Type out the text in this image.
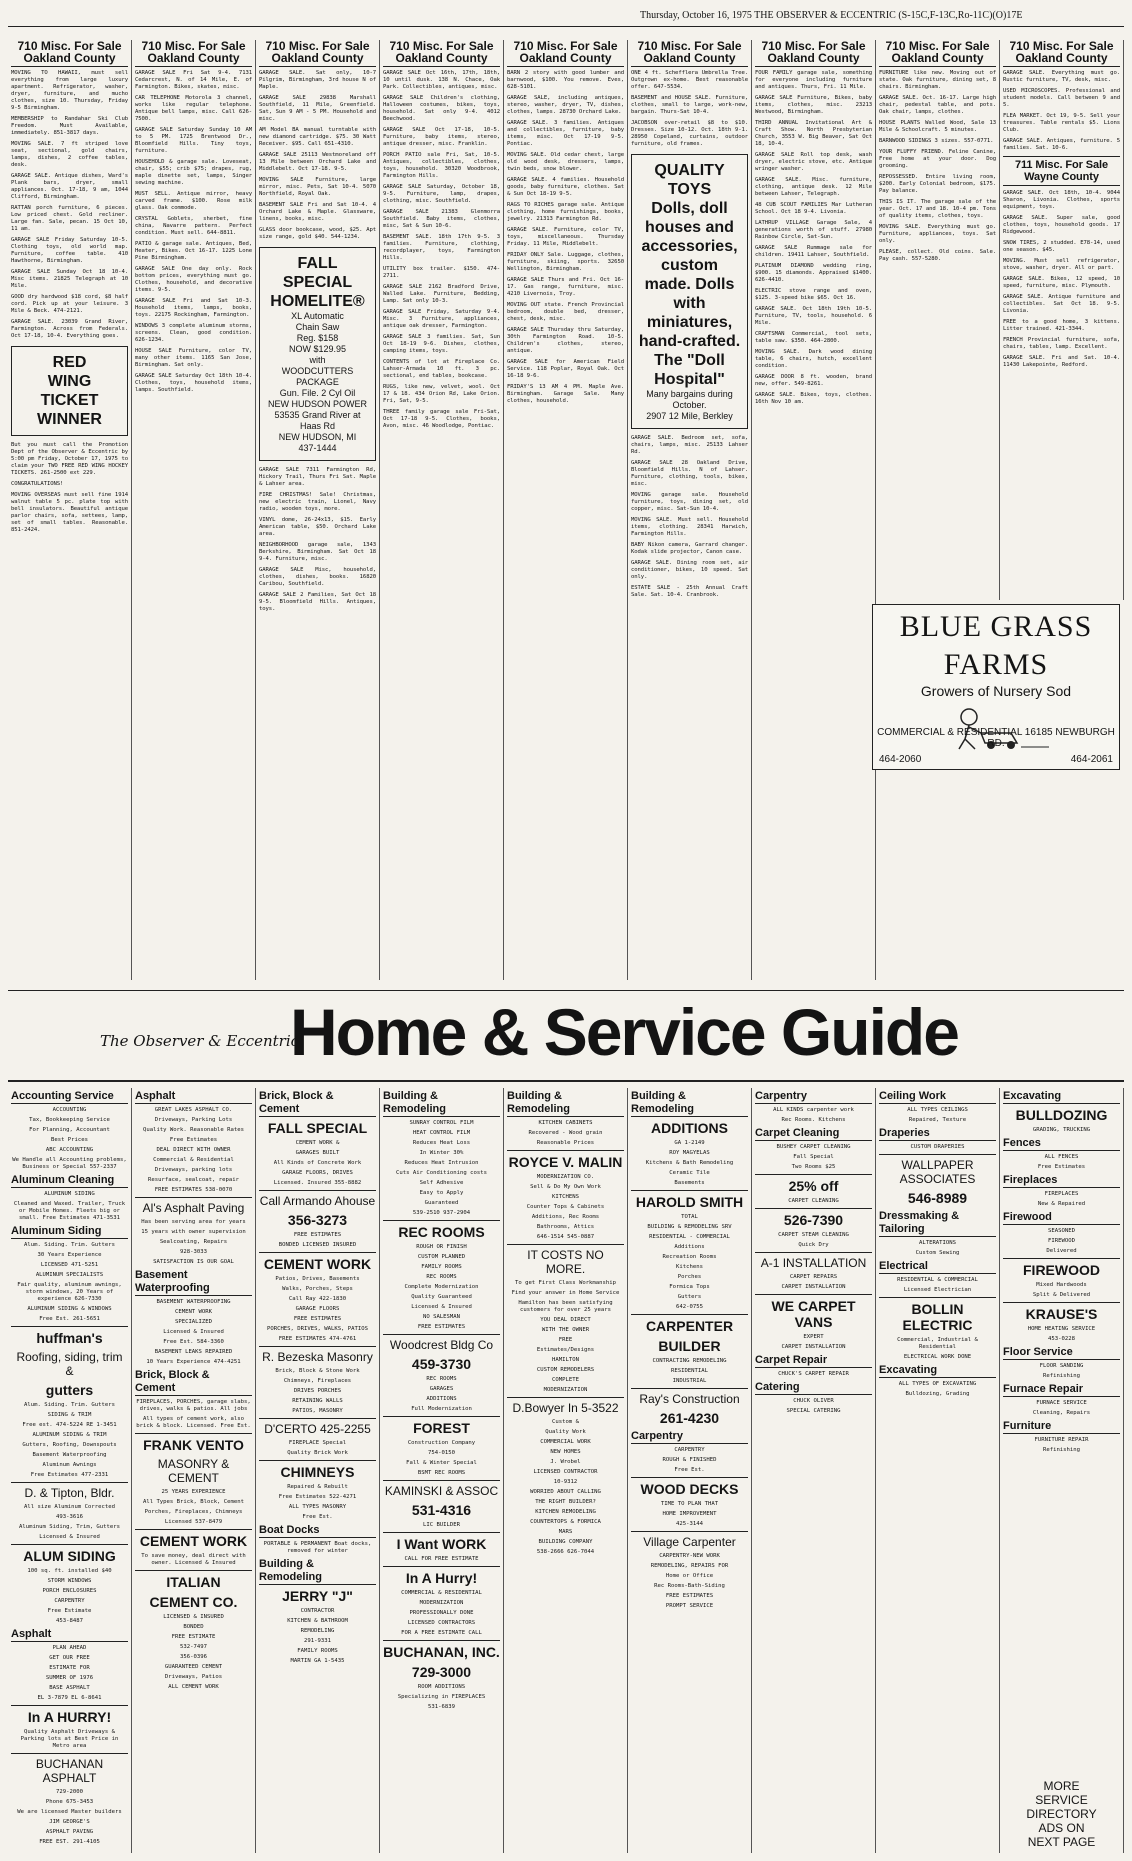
Thursday, October 16, 1975 THE OBSERVER & ECCENTRIC (S-15C,F-13C,Ro-11C)(O)17E
710 Misc. For Sale
Oakland County

MOVING TO HAWAII, must sell everything from large luxury apartment. Refrigerator, washer, dryer, furniture, and mucho clothes, size 10. Thursday, Friday 9-5 Birmingham.

MEMBERSHIP to Randahar Ski Club Freedom. Must Available, immediately. 851-3817 days.

MOVING SALE. 7 ft striped love seat, sectional, gold chairs, lamps, dishes, 2 coffee tables, desk.

GARAGE SALE. Antique dishes, Ward's Plank bars, dryer, small appliances. Oct. 17-18, 9 am, 1044 Clifford, Birmingham.

RATTAN porch furniture, 6 pieces. Low priced chest. Gold recliner. Large fan. Sale, pecan. 15 Oct 10, 11 am.

GARAGE SALE Friday Saturday 10-5. Clothing toys, old world map. Furniture, coffee table. 410 Hawthorne, Birmingham.

GARAGE SALE Sunday Oct 18 10-4. Misc items. 21825 Telegraph at 10 Mile.

GOOD dry hardwood $18 cord, $8 half cord. Pick up at your leisure. 3 Mile & Beck. 474-2121.

GARAGE SALE. 23039 Grand River, Farmington. Across from Federals. Oct 17-18, 10-4. Everything goes.

RED
WING
TICKET WINNER

But you must call the Promotion Dept of the Observer & Eccentric by 5:00 pm Friday, October 17, 1975 to claim your TWO FREE RED WING HOCKEY TICKETS. 261-2500 ext 229.

CONGRATULATIONS!

MOVING OVERSEAS must sell fine 1914 walnut table 5 pc. plate top with bell insulators. Beautiful antique parlor chairs, sofa, settees, lamp, set of small tables. Reasonable. 851-2424.

710 Misc. For Sale
Oakland County

GARAGE SALE Fri Sat 9-4. 7131 Cedarcrest, N. of 14 Mile, E. of Farmington. Bikes, skates, misc.

CAR TELEPHONE Motorola 3 channel, works like regular telephone. Antique bell lamps, misc. Call 626-7500.

GARAGE SALE Saturday Sunday 10 AM to 5 PM. 1725 Brentwood Dr., Bloomfield Hills. Tiny toys, furniture.

HOUSEHOLD & garage sale. Loveseat, chair, $55; crib $75; drapes, rug, maple dinette set, lamps, Singer sewing machine.

MUST SELL. Antique mirror, heavy carved frame. $100. Rose milk glass. Oak commode.

CRYSTAL Goblets, sherbet, fine china, Navarre pattern. Perfect condition. Must sell. 644-8811.

PATIO & garage sale. Antiques, Bed, Heater, Bikes. Oct 16-17. 1225 Lone Pine Birmingham.

GARAGE SALE One day only. Rock bottom prices, everything must go. Clothes, household, and decorative items. 9-5.

GARAGE SALE Fri and Sat 10-3. Household items, lamps, books, toys. 22175 Rockingham, Farmington.

WINDOWS 3 complete aluminum storms, screens. Clean, good condition. 626-1234.

HOUSE SALE Furniture, color TV, many other items. 1165 San Jose, Birmingham. Sat only.

GARAGE SALE Saturday Oct 18th 10-4. Clothes, toys, household items, lamps. Southfield.

710 Misc. For Sale
Oakland County

GARAGE SALE. Sat only, 10-7 Pilgrim, Birmingham, 3rd house N of Maple.

GARAGE SALE 29838 Marshall Southfield, 11 Mile, Greenfield. Sat, Sun 9 AM - 5 PM. Household and misc.

AM Model BA manual turntable with new diamond cartridge. $75. 30 Watt Receiver. $95. Call 651-4310.

GARAGE SALE 25113 Westmoreland off 13 Mile between Orchard Lake and Middlebelt. Oct 17-18. 9-5.

MOVING SALE Furniture, large mirror, misc. Pets, Sat 10-4. 5070 Northfield, Royal Oak.

BASEMENT SALE Fri and Sat 10-4. 4 Orchard Lake & Maple. Glassware, linens, books, misc.

GLASS door bookcase, wood, $25. Apt size range, gold $40. 544-1234.

FALL
SPECIAL
HOMELITE®
XL Automatic
Chain Saw
Reg. $158
NOW $129.95
with
WOODCUTTERS PACKAGE
Gun. File. 2 Cyl Oil
NEW HUDSON POWER
53535 Grand River at Haas Rd
NEW HUDSON, MI
437-1444

GARAGE SALE 7311 Farmington Rd, Hickory Trail, Thurs Fri Sat. Maple & Lahser area.

FIRE CHRISTMAS! Sale! Christmas, new electric train, Lionel, Navy radio, wooden toys, more.

VINYL dome, 26-24x13, $15. Early American table, $50. Orchard Lake area.

NEIGHBORHOOD garage sale, 1343 Berkshire, Birmingham. Sat Oct 18 9-4. Furniture, misc.

GARAGE SALE Misc, household, clothes, dishes, books. 16820 Caribou, Southfield.

GARAGE SALE 2 Families, Sat Oct 18 9-5. Bloomfield Hills. Antiques, toys.

710 Misc. For Sale
Oakland County

GARAGE SALE Oct 16th, 17th, 18th, 10 until dusk. 138 N. Chace, Oak Park. Collectibles, antiques, misc.

GARAGE SALE Children's clothing, Halloween costumes, bikes, toys, household. Sat only 9-4. 4012 Beechwood.

GARAGE SALE Oct 17-18, 10-5. Furniture, baby items, stereo, antique dresser, misc. Franklin.

PORCH PATIO sale Fri, Sat, 10-5. Antiques, collectibles, clothes, toys, household. 30320 Woodbrook, Farmington Hills.

GARAGE SALE Saturday, October 18, 9-5. Furniture, lamp, drapes, clothing, misc. Southfield.

GARAGE SALE 21383 Glenmorra Southfield. Baby items, clothes, misc, Sat & Sun 10-6.

BASEMENT SALE. 18th 17th 9-5. 3 families. Furniture, clothing, recordplayer, toys, Farmington Hills.

UTILITY box trailer. $150. 474-2711.

GARAGE SALE 2162 Bradford Drive, Walled Lake. Furniture, Bedding, Lamp. Sat only 10-3.

GARAGE SALE Friday, Saturday 9-4. Misc. 3 Furniture, appliances, antique oak dresser, Farmington.

GARAGE SALE 3 families. Sat, Sun Oct 18-19 9-6. Dishes, clothes, camping items, toys.

CONTENTS of lot at Fireplace Co. Lahser-Armada 10 ft. 3 pc. sectional, end tables, bookcase.

RUGS, like new, velvet, wool. Oct 17 & 18. 434 Orion Rd, Lake Orion. Fri, Sat, 9-5.

THREE family garage sale Fri-Sat, Oct 17-18 9-5. Clothes, books, Avon, misc. 46 Woodlodge, Pontiac.

710 Misc. For Sale
Oakland County

BARN 2 story with good lumber and barnwood, $100. You remove. Eves, 628-5101.

GARAGE SALE, including antiques, stereo, washer, dryer, TV, dishes, clothes, lamps. 28730 Orchard Lake.

GARAGE SALE. 3 families. Antiques and collectibles, furniture, baby items, misc. Oct 17-19 9-5. Pontiac.

MOVING SALE. Old cedar chest, large old wood desk, dressers, lamps, twin beds, snow blower.

GARAGE SALE. 4 families. Household goods, baby furniture, clothes. Sat & Sun Oct 18-19 9-5.

RAGS TO RICHES garage sale. Antique clothing, home furnishings, books, jewelry. 21313 Farmington Rd.

GARAGE SALE. Furniture, color TV, toys, miscellaneous. Thursday Friday. 11 Mile, Middlebelt.

FRIDAY ONLY Sale. Luggage, clothes, furniture, skiing, sports. 32650 Wellington, Birmingham.

GARAGE SALE Thurs and Fri. Oct 16-17. Gas range, furniture, misc. 4210 Livernois, Troy.

MOVING OUT state. French Provincial bedroom, double bed, dresser, chest, desk, misc.

GARAGE SALE Thursday thru Saturday, 30th Farmington Road. 10-5. Children's clothes, stereo, antique.

GARAGE SALE for American Field Service. 118 Poplar, Royal Oak. Oct 16-18 9-6.

FRIDAY'S 13 AM 4 PM. Maple Ave. Birmingham. Garage Sale. Many clothes, household.

710 Misc. For Sale
Oakland County

ONE 4 ft. Schefflera Umbrella Tree. Outgrown ex-home. Best reasonable offer. 647-5534.

BASEMENT and HOUSE SALE. Furniture, clothes, small to large, work-new, bargain. Thurs-Sat 10-4.

JACOBSON over-retail $8 to $10. Dresses. Size 10-12. Oct. 18th 9-1. 28950 Copeland, curtains, outdoor furniture, old frames.

QUALITY TOYS
Dolls, doll houses and accessories, custom made. Dolls with miniatures, hand-crafted.
The "Doll Hospital"
Many bargains during October.
2907 12 Mile, Berkley

GARAGE SALE. Bedroom set, sofa, chairs, lamps, misc. 25133 Lahser Rd.

GARAGE SALE 28 Oakland Drive, Bloomfield Hills. N of Lahser. Furniture, clothing, tools, bikes, misc.

MOVING garage sale. Household furniture, toys, dining set, old copper, misc. Sat-Sun 10-4.

MOVING SALE. Must sell. Household items, clothing. 28341 Harwich, Farmington Hills.

BABY Nikon camera, Garrard changer. Kodak slide projector, Canon case.

GARAGE SALE. Dining room set, air conditioner, bikes, 10 speed. Sat only.

ESTATE SALE - 25th Annual Craft Sale. Sat. 10-4. Cranbrook.

710 Misc. For Sale
Oakland County

FOUR FAMILY garage sale, something for everyone including furniture and antiques. Thurs, Fri. 11 Mile.

GARAGE SALE Furniture, Bikes, baby items, clothes, misc. 23213 Westwood, Birmingham.

THIRD ANNUAL Invitational Art & Craft Show. North Presbyterian Church, 3553 W. Big Beaver, Sat Oct 18, 10-4.

GARAGE SALE Roll top desk, wash dryer, electric stove, etc. Antique wringer washer.

GARAGE SALE. Misc. furniture, clothing, antique desk. 12 Mile between Lahser, Telegraph.

48 CUB SCOUT FAMILIES Mar Lutheran School. Oct 18 9-4. Livonia.

LATHRUP VILLAGE Garage Sale, 4 generations worth of stuff. 27980 Rainbow Circle, Sat-Sun.

GARAGE SALE Rummage sale for children. 19411 Lahser, Southfield.

PLATINUM DIAMOND wedding ring, $900. 15 diamonds. Appraised $1400. 626-4410.

ELECTRIC stove range and oven, $125. 3-speed bike $65. Oct 16.

GARAGE SALE. Oct 18th 19th 10-5. Furniture, TV, tools, household. 6 Mile.

CRAFTSMAN Commercial, tool sets, table saw. $350. 464-2800.

MOVING SALE. Dark wood dining table, 6 chairs, hutch, excellent condition.

GARAGE DOOR 8 ft. wooden, brand new, offer. 549-8261.

GARAGE SALE. Bikes, toys, clothes. 16th Nov 10 am.

710 Misc. For Sale
Oakland County

FURNITURE like new. Moving out of state. Oak furniture, dining set, 8 chairs. Birmingham.

GARAGE SALE. Oct. 16-17. Large high chair, pedestal table, and pots. Oak chair, lamps, clothes.

HOUSE PLANTS Walled Wood, Sale 13 Mile & Schoolcraft. 5 minutes.

BARNWOOD SIDINGS 3 sizes. 557-0771.

YOUR FLUFFY FRIEND. Feline Canine, Free home at your door. Dog grooming.

REPOSSESSED. Entire living room, $200. Early Colonial bedroom, $175. Pay balance.

THIS IS IT. The garage sale of the year. Oct. 17 and 18. 10-4 pm. Tons of quality items, clothes, toys.

MOVING SALE. Everything must go. Furniture, appliances, toys. Sat only.

PLEASE, collect. Old coins. Sale. Pay cash. 557-5280.

710 Misc. For Sale
Oakland County

GARAGE SALE. Everything must go. Rustic furniture, TV, desk, misc.

USED MICROSCOPES. Professional and student models. Call between 9 and 5.

FLEA MARKET. Oct 19, 9-5. Sell your treasures. Table rentals $5. Lions Club.

GARAGE SALE. Antiques, furniture. 5 families. Sat. 10-6.

711 Misc. For Sale
Wayne County

GARAGE SALE. Oct 18th, 10-4. 9044 Sharon, Livonia. Clothes, sports equipment, toys.

GARAGE SALE. Super sale, good clothes, toys, household goods. 17 Ridgewood.

SNOW TIRES, 2 studded. E78-14, used one season. $45.

MOVING. Must sell refrigerator, stove, washer, dryer. All or part.

GARAGE SALE. Bikes, 12 speed, 10 speed, furniture, misc. Plymouth.

GARAGE SALE. Antique furniture and collectibles. Sat Oct 18. 9-5. Livonia.

FREE to a good home, 3 kittens. Litter trained. 421-3344.

FRENCH Provincial furniture, sofa, chairs, tables, lamp. Excellent.

GARAGE SALE. Fri and Sat. 10-4. 11430 Lakepointe, Redford.

BLUE GRASS
FARMS
Growers of Nursery Sod
COMMERCIAL & RESIDENTIAL 16185 NEWBURGH RD.
464-2060	464-2061
The Observer & Eccentric
Home & Service Guide
Accounting Service

ACCOUNTING

Tax, Bookkeeping Service

For Planning, Accountant

Best Prices

ABC ACCOUNTING

We Handle all Accounting problems, Business or Special 557-2337

Aluminum Cleaning

ALUMINUM SIDING

Cleaned and Waxed. Trailer, Truck or Mobile Homes. Fleets big or small. Free Estimates 471-3531

Aluminum Siding

Alum. Siding. Trim. Gutters

30 Years Experience

LICENSED 471-5251

ALUMINUM SPECIALISTS

Fair quality, aluminum awnings, storm windows, 20 Years of experience 626-7330

ALUMINUM SIDING & WINDOWS

Free Est. 261-5651

huffman's
Roofing, siding, trim &
gutters

Alum. Siding. Trim. Gutters

SIDING & TRIM

Free est. 474-5224 RE 1-3451

ALUMINUM SIDING & TRIM

Gutters, Roofing, Downspouts

Basement Waterproofing

Aluminum Awnings

Free Estimates 477-2331

D. & Tipton, Bldr.

All size Aluminum Corrected

493-3616

Aluminum Siding, Trim, Gutters

Licensed & Insured

ALUM SIDING

100 sq. ft. installed $40

STORM WINDOWS

PORCH ENCLOSURES

CARPENTRY

Free Estimate

453-8487

Asphalt

PLAN AHEAD

GET OUR FREE

ESTIMATE FOR

SUMMER OF 1976

BASE ASPHALT

EL 3-7879 EL 6-8641

In A HURRY!

Quality Asphalt Driveways & Parking lots at Best Price in Metro area

BUCHANAN ASPHALT

729-2000

Phone 675-3453

We are licensed Master builders

JIM GEORGE'S

ASPHALT PAVING

FREE EST. 291-4105

Asphalt

GREAT LAKES ASPHALT CO.

Driveways, Parking Lots

Quality Work. Reasonable Rates

Free Estimates

DEAL DIRECT WITH OWNER

Commercial & Residential

Driveways, parking lots

Resurface, sealcoat, repair

FREE ESTIMATES 538-0070

Al's Asphalt Paving

Has been serving area for years

15 years with owner supervision

Sealcoating, Repairs

928-3033

SATISFACTION IS OUR GOAL

Basement Waterproofing

BASEMENT WATERPROOFING

CEMENT WORK

SPECIALIZED

Licensed & Insured

Free Est. 584-3360

BASEMENT LEAKS REPAIRED

10 Years Experience 474-4251

Brick, Block & Cement

FIREPLACES, PORCHES, garage slabs, drives, walks & patios. All jobs

All types of cement work, also brick & block. Licensed. Free Est.

FRANK VENTO
MASONRY & CEMENT

25 YEARS EXPERIENCE

All Types Brick, Block, Cement

Porches, Fireplaces, Chimneys

Licensed 537-8479

CEMENT WORK

To save money, deal direct with owner. Licensed & Insured

ITALIAN
CEMENT CO.

LICENSED & INSURED

BONDED

FREE ESTIMATE

532-7497

356-0396

GUARANTEED CEMENT

Driveways, Patios

ALL CEMENT WORK

Brick, Block & Cement
FALL SPECIAL

CEMENT WORK &

GARAGES BUILT

All Kinds of Concrete Work

GARAGE FLOORS, DRIVES

Licensed. Insured 355-8882

Call Armando Ahouse
356-3273

FREE ESTIMATES

BONDED LICENSED INSURED

CEMENT WORK

Patios, Drives, Basements

Walks, Porches, Steps

Call Ray 422-1830

GARAGE FLOORS

FREE ESTIMATES

PORCHES, DRIVES, WALKS, PATIOS

FREE ESTIMATES 474-4761

R. Bezeska Masonry

Brick, Block & Stone Work

Chimneys, Fireplaces

DRIVES PORCHES

RETAINING WALLS

PATIOS, MASONRY

D'CERTO 425-2255

FIREPLACE Special

Quality Brick Work

CHIMNEYS

Repaired & Rebuilt

Free Estimates 522-4271

ALL TYPES MASONRY

Free Est.

Boat Docks

PORTABLE & PERMANENT Boat docks, removed for winter

Building & Remodeling
JERRY "J"

CONTRACTOR

KITCHEN & BATHROOM

REMODELING

291-9331

FAMILY ROOMS

MARTIN GA 1-5435

Building & Remodeling

SUNRAY CONTROL FILM

HEAT CONTROL FILM

Reduces Heat Loss

In Winter 30%

Reduces Heat Intrusion

Cuts Air Conditioning costs

Self Adhesive

Easy to Apply

Guaranteed

539-2510 937-2904

REC ROOMS

ROUGH OR FINISH

CUSTOM PLANNED

FAMILY ROOMS

REC ROOMS

Complete Modernization

Quality Guaranteed

Licensed & Insured

NO SALESMAN

FREE ESTIMATES

Woodcrest Bldg Co
459-3730

REC ROOMS

GARAGES

ADDITIONS

Full Modernization

FOREST

Construction Company

754-0150

Fall & Winter Special

BSMT REC ROOMS

KAMINSKI & ASSOC
531-4316

LIC BUILDER

I Want WORK

CALL FOR FREE ESTIMATE

In A Hurry!

COMMERCIAL & RESIDENTIAL

MODERNIZATION

PROFESSIONALLY DONE

LICENSED CONTRACTORS

FOR A FREE ESTIMATE CALL

BUCHANAN, INC.
729-3000

ROOM ADDITIONS

Specializing in FIREPLACES

531-6839

Building & Remodeling

KITCHEN CABINETS

Recovered - Wood grain

Reasonable Prices

ROYCE V. MALIN

MODERNIZATION CO.

Sell & Do My Own Work

KITCHENS

Counter Tops & Cabinets

Additions, Rec Rooms

Bathrooms, Attics

646-1514 545-0887

IT COSTS NO MORE.

To get First Class Workmanship

Find your answer in Home Service

Hamilton has been satisfying customers for over 25 years

YOU DEAL DIRECT

WITH THE OWNER

FREE

Estimates/Designs

HAMILTON

CUSTOM REMODELERS

COMPLETE

MODERNIZATION

D.Bowyer In 5-3522

Custom &

Quality Work

COMMERCIAL WORK

NEW HOMES

J. Wrobel

LICENSED CONTRACTOR

10-9312

WORRIED ABOUT CALLING

THE RIGHT BUILDER?

KITCHEN REMODELING

COUNTERTOPS & FORMICA

MARS

BUILDING COMPANY

538-2666 626-7044

Building & Remodeling
ADDITIONS

GA 1-2149

ROY MAGYELAS

Kitchens & Bath Remodeling

Ceramic Tile

Basements

HAROLD SMITH

TOTAL

BUILDING & REMODELING SRV

RESIDENTIAL - COMMERCIAL

Additions

Recreation Rooms

Kitchens

Porches

Formica Tops

Gutters

642-0755

CARPENTER
BUILDER

CONTRACTING REMODELING

RESIDENTIAL

INDUSTRIAL

Ray's Construction
261-4230
Carpentry

CARPENTRY

ROUGH & FINISHED

Free Est.

WOOD DECKS

TIME TO PLAN THAT

HOME IMPROVEMENT

425-3144

Village Carpenter

CARPENTRY-NEW WORK

REMODELING, REPAIRS FOR

Home or Office

Rec Rooms-Bath-Siding

FREE ESTIMATES

PROMPT SERVICE

Carpentry

ALL KINDS carpenter work

Rec Rooms. Kitchens

Carpet Cleaning

BUSHEY CARPET CLEANING

Fall Special

Two Rooms $25

25% off

CARPET CLEANING

526-7390

CARPET STEAM CLEANING

Quick Dry

A-1 INSTALLATION

CARPET REPAIRS

CARPET INSTALLATION

WE CARPET VANS

EXPERT

CARPET INSTALLATION

Carpet Repair

CHUCK'S CARPET REPAIR

Catering

CHUCK OLIVER

SPECIAL CATERING

Ceiling Work

ALL TYPES CEILINGS

Repaired, Texture

Draperies

CUSTOM DRAPERIES

WALLPAPER ASSOCIATES
546-8989
Dressmaking & Tailoring

ALTERATIONS

Custom Sewing

Electrical

RESIDENTIAL & COMMERCIAL

Licensed Electrician

BOLLIN ELECTRIC

Commercial, Industrial & Residential

ELECTRICAL WORK DONE

Excavating

ALL TYPES OF EXCAVATING

Bulldozing, Grading

Excavating
BULLDOZING

GRADING, TRUCKING

Fences

ALL FENCES

Free Estimates

Fireplaces

FIREPLACES

New & Repaired

Firewood

SEASONED

FIREWOOD

Delivered

FIREWOOD

Mixed Hardwoods

Split & Delivered

KRAUSE'S

HOME HEATING SERVICE

453-0228

Floor Service

FLOOR SANDING

Refinishing

Furnace Repair

FURNACE SERVICE

Cleaning, Repairs

Furniture

FURNITURE REPAIR

Refinishing

MORE
SERVICE
DIRECTORY
ADS ON
NEXT PAGE
